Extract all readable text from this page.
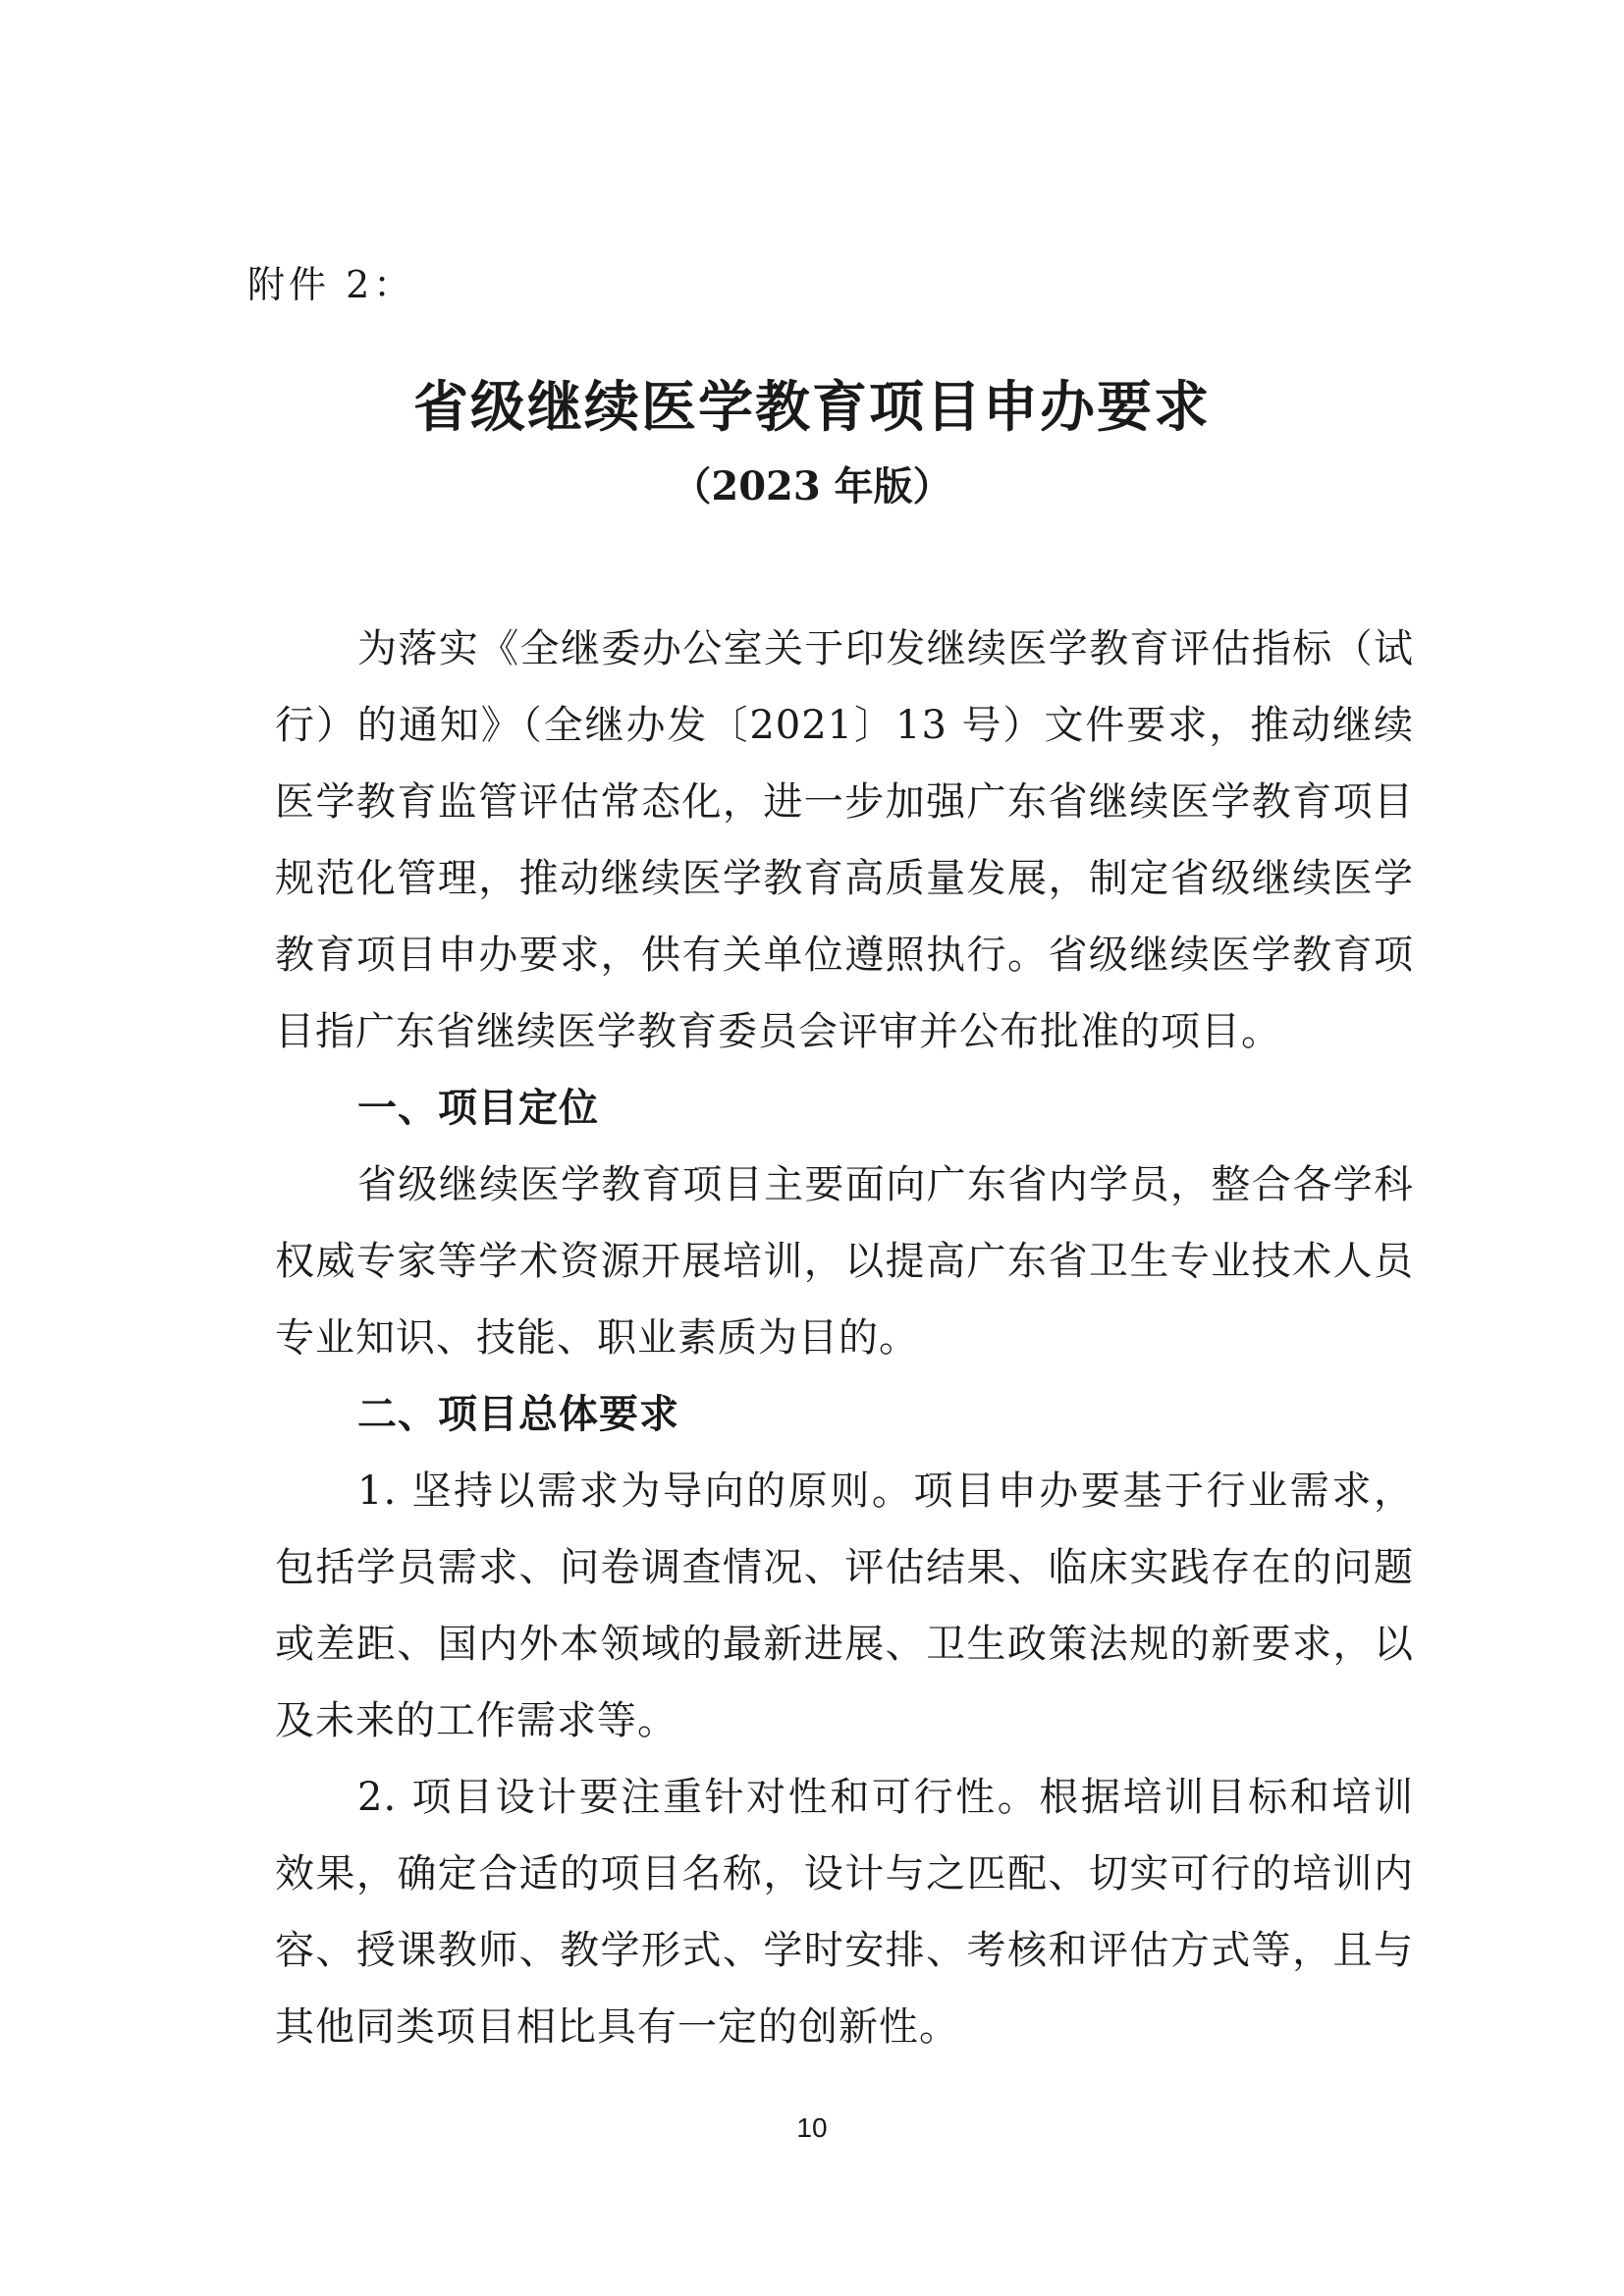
附件 2：
省级继续医学教育项目申办要求
（2023 年版）

为落实《全继委办公室关于印发继续医学教育评估指标（试行）的通知》（全继办发〔2021〕13 号）文件要求，推动继续医学教育监管评估常态化，进一步加强广东省继续医学教育项目规范化管理，推动继续医学教育高质量发展，制定省级继续医学教育项目申办要求，供有关单位遵照执行。省级继续医学教育项目指广东省继续医学教育委员会评审并公布批准的项目。

一、项目定位

省级继续医学教育项目主要面向广东省内学员，整合各学科权威专家等学术资源开展培训，以提高广东省卫生专业技术人员专业知识、技能、职业素质为目的。

二、项目总体要求

1. 坚持以需求为导向的原则。项目申办要基于行业需求，包括学员需求、问卷调查情况、评估结果、临床实践存在的问题或差距、国内外本领域的最新进展、卫生政策法规的新要求，以及未来的工作需求等。

2. 项目设计要注重针对性和可行性。根据培训目标和培训效果，确定合适的项目名称，设计与之匹配、切实可行的培训内容、授课教师、教学形式、学时安排、考核和评估方式等，且与其他同类项目相比具有一定的创新性。

10
